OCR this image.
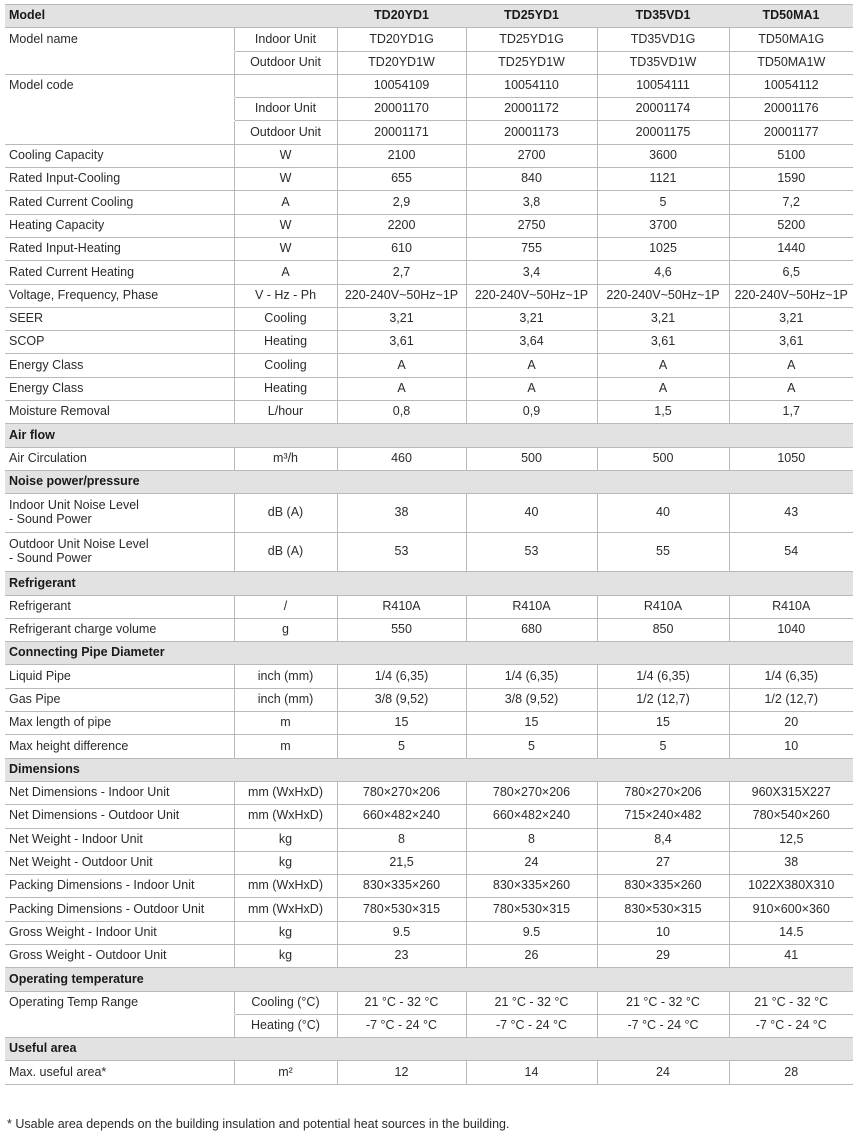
Model		TD20YD1	TD25YD1	TD35VD1	TD50MA1
Model name	Indoor Unit	TD20YD1G	TD25YD1G	TD35VD1G	TD50MA1G
	Outdoor Unit	TD20YD1W	TD25YD1W	TD35VD1W	TD50MA1W
Model code		10054109	10054110	10054111	10054112
	Indoor Unit	20001170	20001172	20001174	20001176
	Outdoor Unit	20001171	20001173	20001175	20001177
Cooling Capacity	W	2100	2700	3600	5100
Rated Input-Cooling	W	655	840	1121	1590
Rated Current Cooling	A	2,9	3,8	5	7,2
Heating Capacity	W	2200	2750	3700	5200
Rated Input-Heating	W	610	755	1025	1440
Rated Current Heating	A	2,7	3,4	4,6	6,5
Voltage, Frequency, Phase	V - Hz - Ph	220-240V~50Hz~1P	220-240V~50Hz~1P	220-240V~50Hz~1P	220-240V~50Hz~1P
SEER	Cooling	3,21	3,21	3,21	3,21
SCOP	Heating	3,61	3,64	3,61	3,61
Energy Class	Cooling	A	A	A	A
Energy Class	Heating	A	A	A	A
Moisture Removal	L/hour	0,8	0,9	1,5	1,7
Air flow					
Air Circulation	m³/h	460	500	500	1050
Noise power/pressure					
Indoor Unit Noise Level
- Sound Power	dB (A)	38	40	40	43
Outdoor Unit Noise Level
- Sound Power	dB (A)	53	53	55	54
Refrigerant					
Refrigerant	/	R410A	R410A	R410A	R410A
Refrigerant charge volume	g	550	680	850	1040
Connecting Pipe Diameter					
Liquid Pipe	inch (mm)	1/4 (6,35)	1/4 (6,35)	1/4 (6,35)	1/4 (6,35)
Gas Pipe	inch (mm)	3/8 (9,52)	3/8 (9,52)	1/2 (12,7)	1/2 (12,7)
Max length of pipe	m	15	15	15	20
Max height difference	m	5	5	5	10
Dimensions					
Net Dimensions - Indoor Unit	mm (WxHxD)	780×270×206	780×270×206	780×270×206	960X315X227
Net Dimensions - Outdoor Unit	mm (WxHxD)	660×482×240	660×482×240	715×240×482	780×540×260
Net Weight - Indoor Unit	kg	8	8	8,4	12,5
Net Weight - Outdoor Unit	kg	21,5	24	27	38
Packing Dimensions - Indoor Unit	mm (WxHxD)	830×335×260	830×335×260	830×335×260	1022X380X310
Packing Dimensions - Outdoor Unit	mm (WxHxD)	780×530×315	780×530×315	830×530×315	910×600×360
Gross Weight - Indoor Unit	kg	9.5	9.5	10	14.5
Gross Weight - Outdoor Unit	kg	23	26	29	41
Operating temperature					
Operating Temp Range	Cooling (°C)	21 °C - 32 °C	21 °C - 32 °C	21 °C - 32 °C	21 °C - 32 °C
	Heating (°C)	-7 °C - 24 °C	-7 °C - 24 °C	-7 °C - 24 °C	-7 °C - 24 °C
Useful area					
Max. useful area*	m²	12	14	24	28
* Usable area depends on the building insulation and potential heat sources in the building.
